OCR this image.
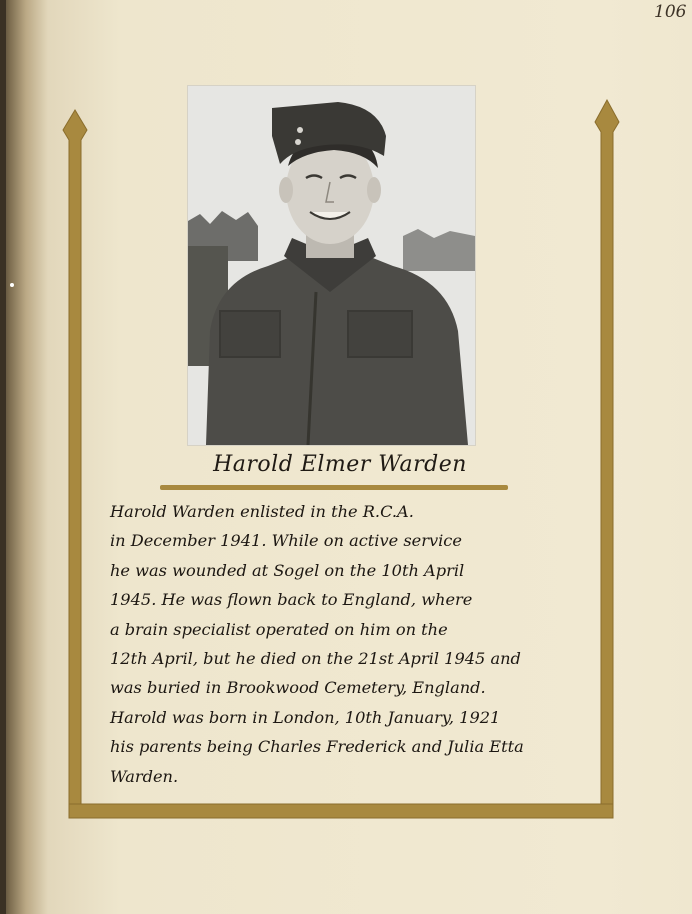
106
Harold Elmer Warden
Harold Warden enlisted in the R.C.A.
in December 1941. While on active service
he was wounded at Sogel on the 10th April
1945. He was flown back to England, where
a brain specialist operated on him on the
12th April, but he died on the 21st April 1945 and
was buried in Brookwood Cemetery, England.
Harold was born in London, 10th January, 1921
his parents being Charles Frederick and Julia Etta
Warden.
